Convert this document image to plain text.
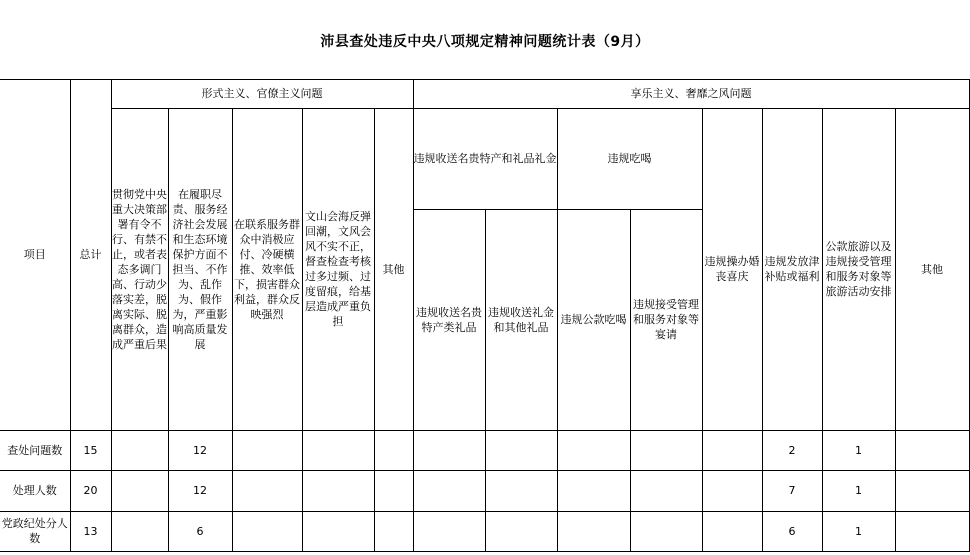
沛县查处违反中央八项规定精神问题统计表（9月）
项目	总计	形式主义、官僚主义问题					享乐主义、奢靡之风问题							
		贯彻党中央重大决策部署有令不行、有禁不止，或者表态多调门高、行动少落实差，脱离实际、脱离群众，造成严重后果	在履职尽责、服务经济社会发展和生态环境保护方面不担当、不作为、乱作为、假作为，严重影响高质量发展	在联系服务群众中消极应付、冷硬横推、效率低下，损害群众利益，群众反映强烈	文山会海反弹回潮，文风会风不实不正，督查检查考核过多过频、过度留痕，给基层造成严重负担	其他	违规收送名贵特产和礼品礼金		违规吃喝		违规操办婚丧喜庆	违规发放津补贴或福利	公款旅游以及违规接受管理和服务对象等旅游活动安排	其他
							违规收送名贵特产类礼品	违规收送礼金和其他礼品	违规公款吃喝	违规接受管理和服务对象等宴请				
查处问题数	15		12									2	1	
处理人数	20		12									7	1	
党政纪处分人数	13		6									6	1	
